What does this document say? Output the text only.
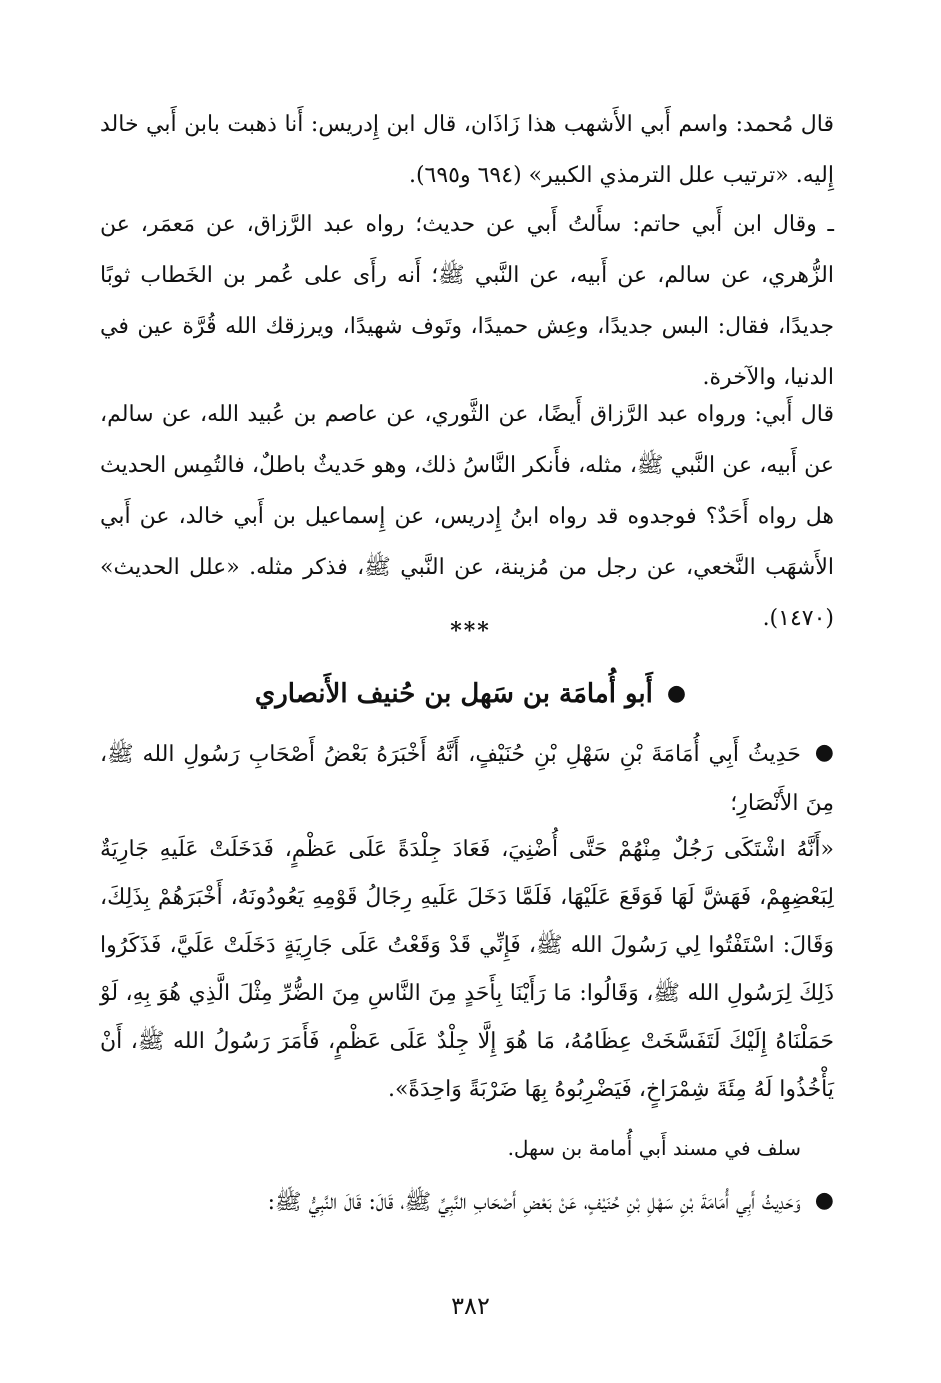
قال مُحمد: واسم أَبي الأَشهب هذا زَاذَان، قال ابن إِدريس: أَنا ذهبت بابن أَبي خالد إِليه. «ترتيب علل الترمذي الكبير» (٦٩٤ و٦٩٥).

ـ وقال ابن أَبي حاتم: سأَلتُ أَبي عن حديث؛ رواه عبد الرَّزاق، عن مَعمَر، عن الزُّهري، عن سالم، عن أَبيه، عن النَّبي ﷺ؛ أَنه رأَى على عُمر بن الخَطاب ثوبًا جديدًا، فقال: البس جديدًا، وعِش حميدًا، وتَوف شهيدًا، ويرزقك الله قُرَّة عين في الدنيا، والآخرة.

قال أَبي: ورواه عبد الرَّزاق أَيضًا، عن الثَّوري، عن عاصم بن عُبيد الله، عن سالم، عن أَبيه، عن النَّبي ﷺ، مثله، فأَنكر النَّاسُ ذلك، وهو حَديثٌ باطلٌ، فالتُمِس الحديث هل رواه أَحَدٌ؟ فوجدوه قد رواه ابنُ إِدريس، عن إِسماعيل بن أَبي خالد، عن أَبي الأَشهَب النَّخعي، عن رجل من مُزينة، عن النَّبي ﷺ، فذكر مثله. «علل الحديث» (١٤٧٠).

***
●أَبو أُمامَة بن سَهل بن حُنيف الأَنصاري

●حَدِيثُ أَبِي أُمَامَةَ بْنِ سَهْلِ بْنِ حُنَيْفٍ، أَنَّهُ أَخْبَرَهُ بَعْضُ أَصْحَابِ رَسُولِ الله ﷺ، مِنَ الأَنْصَارِ؛

«أَنَّهُ اشْتَكَى رَجُلٌ مِنْهُمْ حَتَّى أُضْنِيَ، فَعَادَ جِلْدَةً عَلَى عَظْمٍ، فَدَخَلَتْ عَلَيهِ جَارِيَةٌ لِبَعْضِهِمْ، فَهَشَّ لَهَا فَوَقَعَ عَلَيْهَا، فَلَمَّا دَخَلَ عَلَيهِ رِجَالُ قَوْمِهِ يَعُودُونَهُ، أَخْبَرَهُمْ بِذَلِكَ، وَقَالَ: اسْتَفْتُوا لِي رَسُولَ الله ﷺ، فَإِنِّي قَدْ وَقَعْتُ عَلَى جَارِيَةٍ دَخَلَتْ عَلَيَّ، فَذَكَرُوا ذَلِكَ لِرَسُولِ الله ﷺ، وَقَالُوا: مَا رَأَيْنَا بِأَحَدٍ مِنَ النَّاسِ مِنَ الضُّرِّ مِثْلَ الَّذِي هُوَ بِهِ، لَوْ حَمَلْنَاهُ إِلَيْكَ لَتَفَسَّخَتْ عِظَامُهُ، مَا هُوَ إِلَّا جِلْدٌ عَلَى عَظْمٍ، فَأَمَرَ رَسُولُ الله ﷺ، أَنْ يَأْخُذُوا لَهُ مِئَةَ شِمْرَاخٍ، فَيَضْرِبُوهُ بِهَا ضَرْبَةً وَاحِدَةً».

سلف في مسند أَبي أُمامة بن سهل.

●وَحَدِيثُ أَبِي أُمَامَةَ بْنِ سَهْلِ بْنِ حُنَيْفٍ، عَنْ بَعْضِ أَصْحَابِ النَّبِيِّ ﷺ، قَالَ: قَالَ النَّبِيُّ ﷺ:

٣٨٢
